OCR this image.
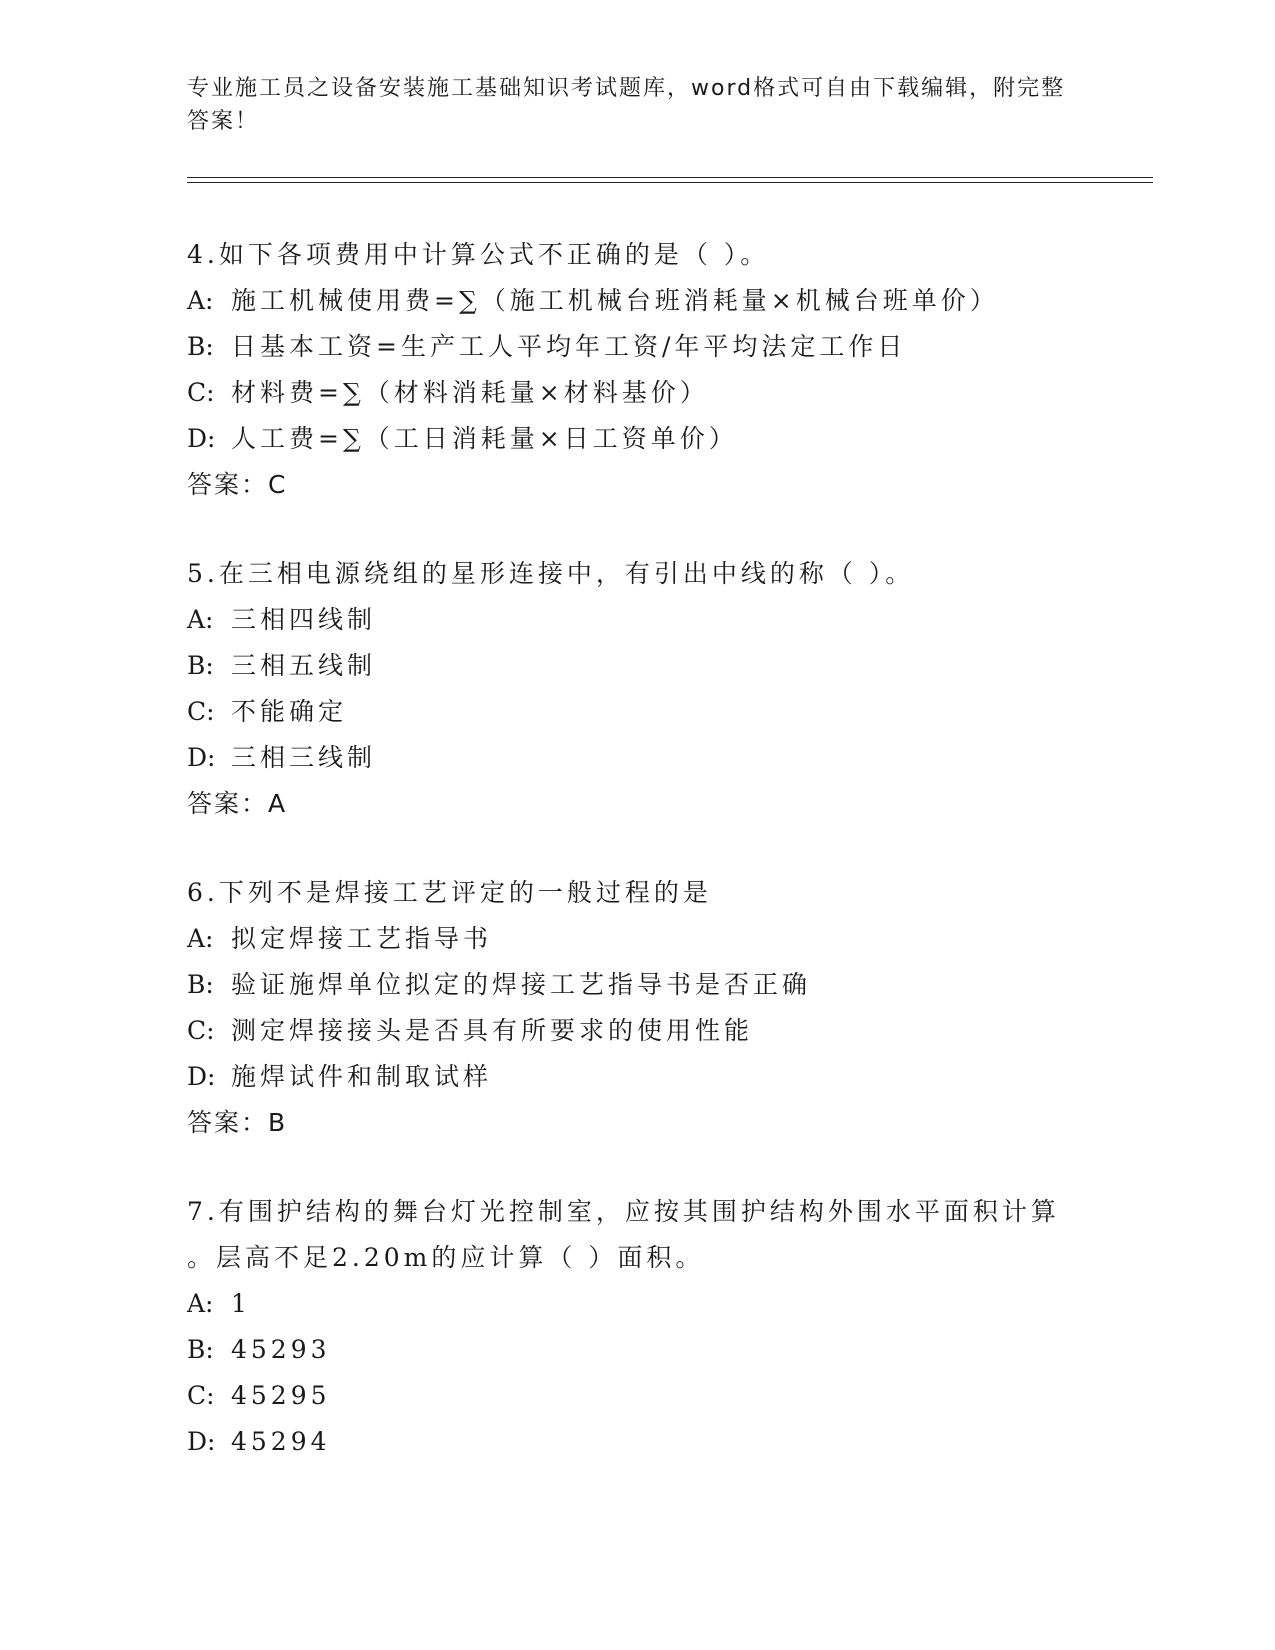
专业施工员之设备安装施工基础知识考试题库，word格式可自由下载编辑，附完整答案！
4.如下各项费用中计算公式不正确的是（ ）。
A: 施工机械使用费=∑（施工机械台班消耗量×机械台班单价）
B: 日基本工资=生产工人平均年工资/年平均法定工作日
C: 材料费=∑（材料消耗量×材料基价）
D: 人工费=∑（工日消耗量×日工资单价）
答案：C
5.在三相电源绕组的星形连接中，有引出中线的称（ ）。
A: 三相四线制
B: 三相五线制
C: 不能确定
D: 三相三线制
答案：A
6.下列不是焊接工艺评定的一般过程的是
A: 拟定焊接工艺指导书
B: 验证施焊单位拟定的焊接工艺指导书是否正确
C: 测定焊接接头是否具有所要求的使用性能
D: 施焊试件和制取试样
答案：B
7.有围护结构的舞台灯光控制室，应按其围护结构外围水平面积计算
。层高不足2.20m的应计算（ ）面积。
A: 1
B: 45293
C: 45295
D: 45294
